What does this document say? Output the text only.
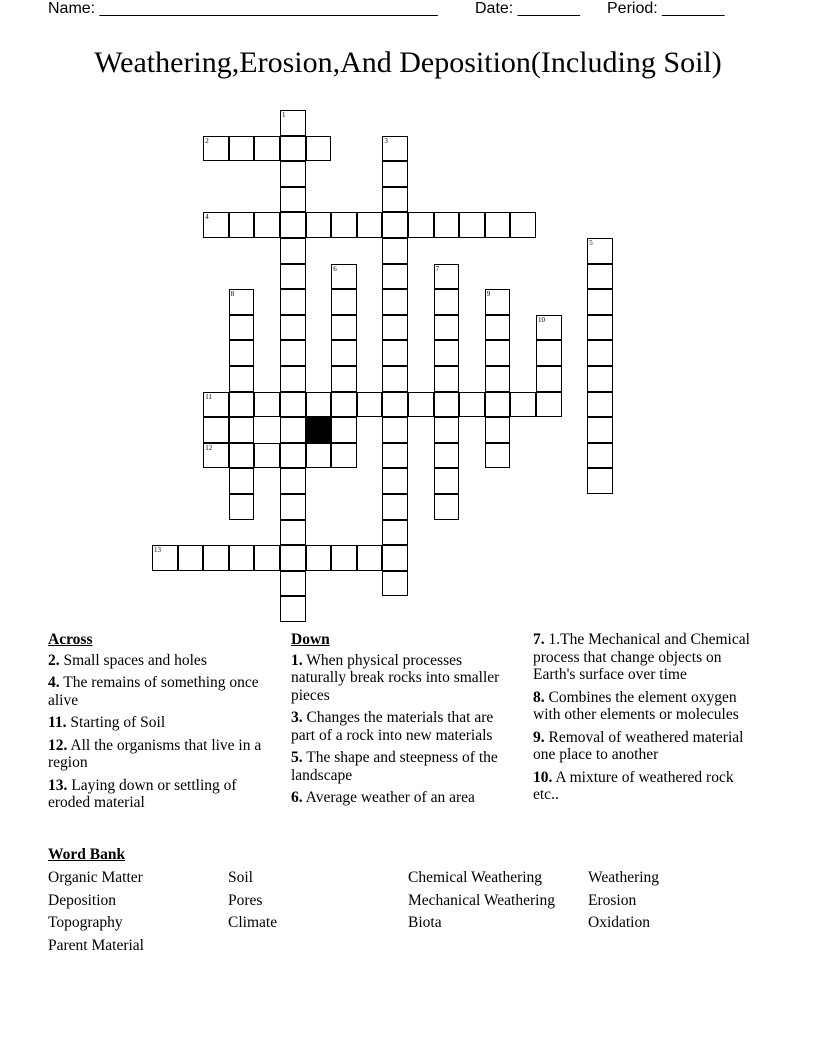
Name: ______________________________________ Date: _______ Period: _______
Weathering,Erosion,And Deposition(Including Soil)
1
2	3
4
5
6	7
8	9
10
11
12
13
Across
2. Small spaces and holes
4. The remains of something once alive
11. Starting of Soil
12. All the organisms that live in a region
13. Laying down or settling of eroded material
Down
1. When physical processes naturally break rocks into smaller pieces
3. Changes the materials that are part of a rock into new materials
5. The shape and steepness of the landscape
6. Average weather of an area
7. 1.The Mechanical and Chemical process that change objects on Earth's surface over time
8. Combines the element oxygen with other elements or molecules
9. Removal of weathered material one place to another
10. A mixture of weathered rock etc..
Word Bank
Organic Matter
Deposition
Topography
Parent Material
Soil
Pores
Climate
Chemical Weathering
Mechanical Weathering
Biota
Weathering
Erosion
Oxidation
